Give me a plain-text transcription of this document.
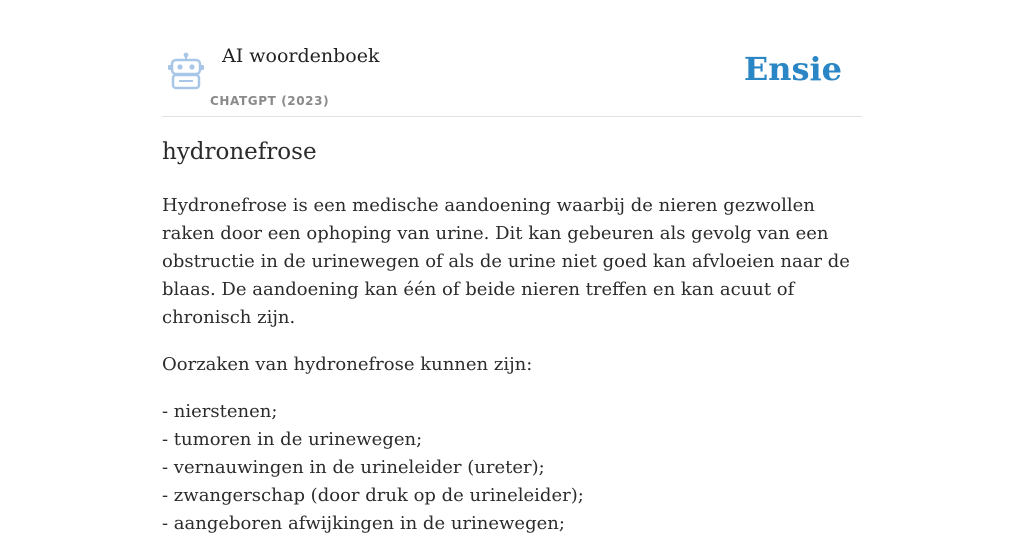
AI woordenboek
CHATGPT (2023)
Ensie
hydronefrose

Hydronefrose is een medische aandoening waarbij de nieren gezwollen raken door een ophoping van urine. Dit kan gebeuren als gevolg van een obstructie in de urinewegen of als de urine niet goed kan afvloeien naar de blaas. De aandoening kan één of beide nieren treffen en kan acuut of chronisch zijn.

Oorzaken van hydronefrose kunnen zijn:

- nierstenen;
- tumoren in de urinewegen;
- vernauwingen in de urineleider (ureter);
- zwangerschap (door druk op de urineleider);
- aangeboren afwijkingen in de urinewegen;
